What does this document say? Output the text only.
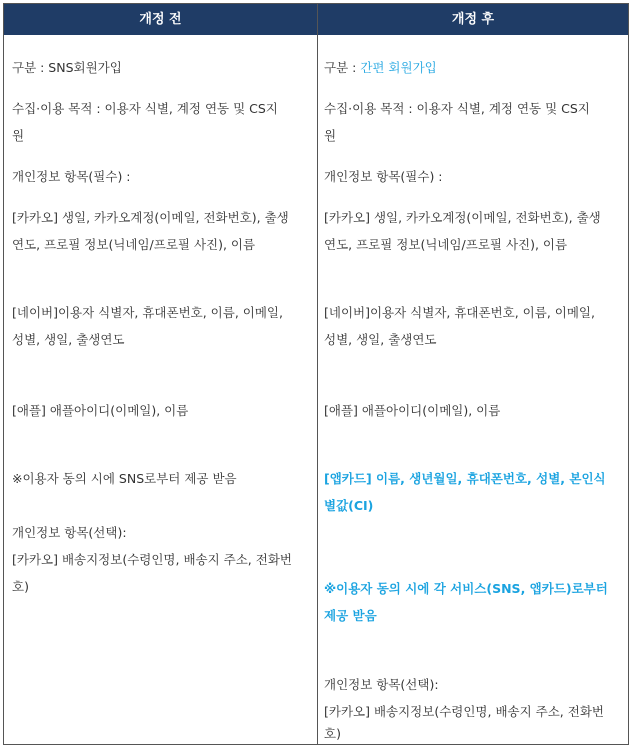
개정 전	개정 후
구분 : SNS회원가입
수집·이용 목적 : 이용자 식별, 계정 연동 및 CS지
원
개인정보 항목(필수) :
[카카오] 생일, 카카오계정(이메일, 전화번호), 출생
연도, 프로필 정보(닉네임/프로필 사진), 이름
[네이버]이용자 식별자, 휴대폰번호, 이름, 이메일,
성별, 생일, 출생연도
[애플] 애플아이디(이메일), 이름
※이용자 동의 시에 SNS로부터 제공 받음
개인정보 항목(선택):
[카카오] 배송지정보(수령인명, 배송지 주소, 전화번
호)
구분 : 간편 회원가입
수집·이용 목적 : 이용자 식별, 계정 연동 및 CS지
원
개인정보 항목(필수) :
[카카오] 생일, 카카오계정(이메일, 전화번호), 출생
연도, 프로필 정보(닉네임/프로필 사진), 이름
[네이버]이용자 식별자, 휴대폰번호, 이름, 이메일,
성별, 생일, 출생연도
[애플] 애플아이디(이메일), 이름
[앱카드] 이름, 생년월일, 휴대폰번호, 성별, 본인식
별값(CI)
※이용자 동의 시에 각 서비스(SNS, 앱카드)로부터
제공 받음
개인정보 항목(선택):
[카카오] 배송지정보(수령인명, 배송지 주소, 전화번
호)
